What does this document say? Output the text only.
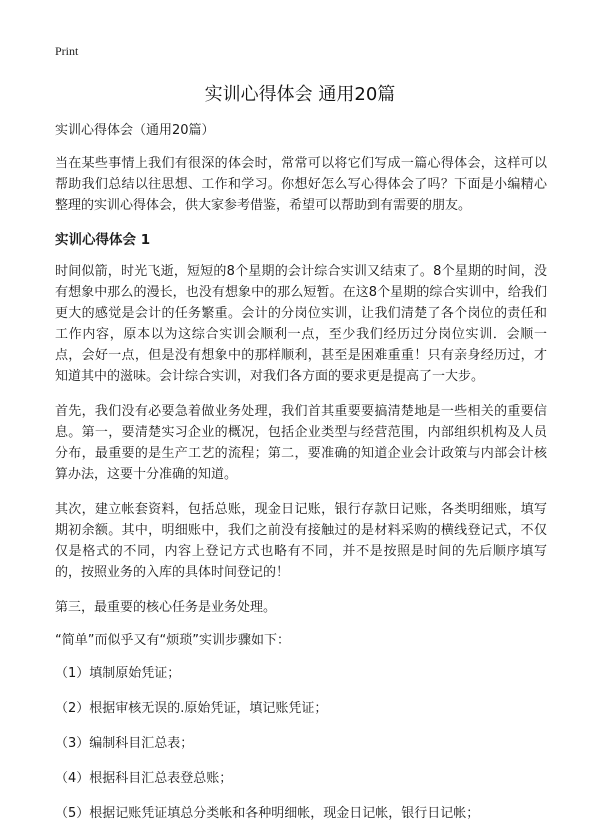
Print
实训心得体会 通用20篇

实训心得体会（通用20篇）

当在某些事情上我们有很深的体会时，常常可以将它们写成一篇心得体会，这样可以帮助我们总结以往思想、工作和学习。你想好怎么写心得体会了吗？下面是小编精心整理的实训心得体会，供大家参考借鉴，希望可以帮助到有需要的朋友。

实训心得体会 1

时间似箭，时光飞逝，短短的8个星期的会计综合实训又结束了。8个星期的时间，没有想象中那么的漫长，也没有想象中的那么短暂。在这8个星期的综合实训中，给我们更大的感觉是会计的任务繁重。会计的分岗位实训，让我们清楚了各个岗位的责任和工作内容，原本以为这综合实训会顺利一点，至少我们经历过分岗位实训．会顺一点，会好一点，但是没有想象中的那样顺利，甚至是困难重重！只有亲身经历过，才知道其中的滋味。会计综合实训，对我们各方面的要求更是提高了一大步。

首先，我们没有必要急着做业务处理，我们首其重要要搞清楚地是一些相关的重要信息。第一，要清楚实习企业的概况，包括企业类型与经营范围，内部组织机构及人员分布，最重要的是生产工艺的流程；第二，要准确的知道企业会计政策与内部会计核算办法，这要十分准确的知道。

其次，建立帐套资料，包括总账，现金日记账，银行存款日记账，各类明细账，填写期初余额。其中，明细账中，我们之前没有接触过的是材料采购的横线登记式，不仅仅是格式的不同，内容上登记方式也略有不同，并不是按照是时间的先后顺序填写的，按照业务的入库的具体时间登记的！

第三，最重要的核心任务是业务处理。

“简单”而似乎又有“烦琐”实训步骤如下：

（1）填制原始凭证；

（2）根据审核无误的.原始凭证，填记账凭证；

（3）编制科目汇总表；

（4）根据科目汇总表登总账；

（5）根据记账凭证填总分类帐和各种明细帐，现金日记帐，银行日记帐；
